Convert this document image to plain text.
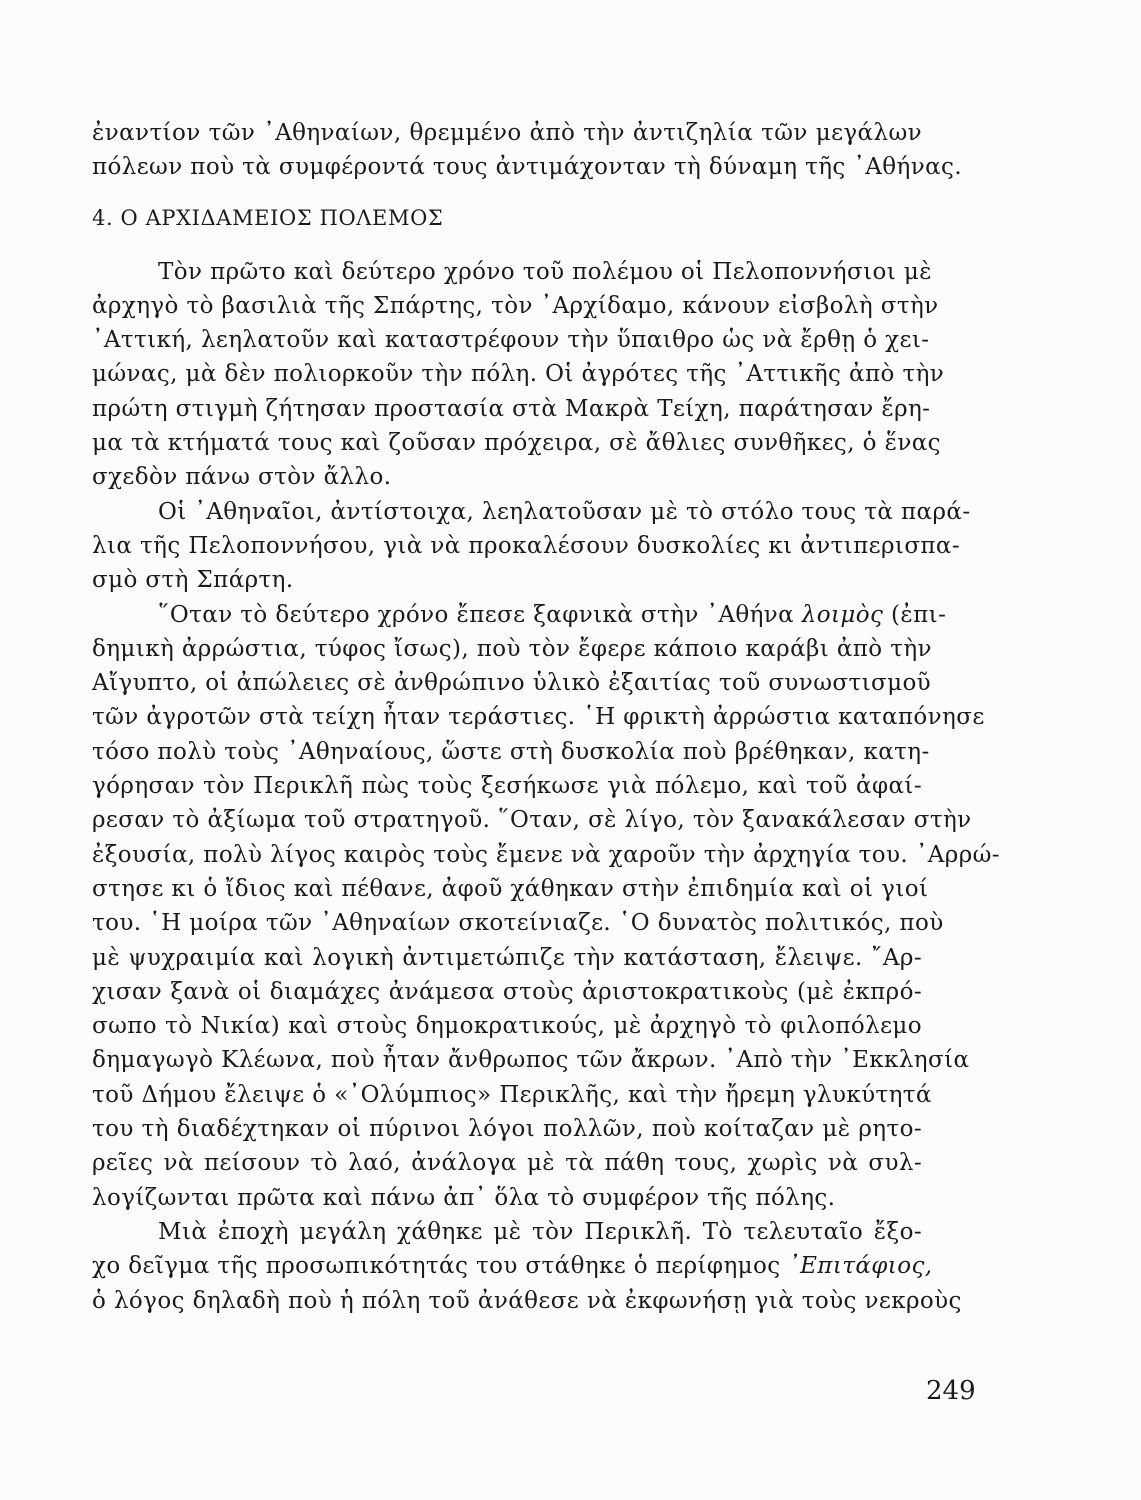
ἐναντίον τῶν ᾿Αθηναίων, θρεμμένο ἀπὸ τὴν ἀντιζηλία τῶν μεγάλων
πόλεων ποὺ τὰ συμφέροντά τους ἀντιμάχονταν τὴ δύναμη τῆς ᾿Αθήνας.
4. Ο ΑΡΧΙΔΑΜΕΙΟΣ ΠΟΛΕΜΟΣ
Τὸν πρῶτο καὶ δεύτερο χρόνο τοῦ πολέμου οἱ Πελοποννήσιοι μὲ
ἀρχηγὸ τὸ βασιλιὰ τῆς Σπάρτης, τὸν ᾿Αρχίδαμο, κάνουν εἰσβολὴ στὴν
᾿Αττική, λεηλατοῦν καὶ καταστρέφουν τὴν ὕπαιθρο ὡς νὰ ἔρθῃ ὁ χει-
μώνας, μὰ δὲν πολιορκοῦν τὴν πόλη. Οἱ ἀγρότες τῆς ᾿Αττικῆς ἀπὸ τὴν
πρώτη στιγμὴ ζήτησαν προστασία στὰ Μακρὰ Τείχη, παράτησαν ἔρη-
μα τὰ κτήματά τους καὶ ζοῦσαν πρόχειρα, σὲ ἄθλιες συνθῆκες, ὁ ἕνας
σχεδὸν πάνω στὸν ἄλλο.
Οἱ ᾿Αθηναῖοι, ἀντίστοιχα, λεηλατοῦσαν μὲ τὸ στόλο τους τὰ παρά-
λια τῆς Πελοποννήσου, γιὰ νὰ προκαλέσουν δυσκολίες κι ἀντιπερισπα-
σμὸ στὴ Σπάρτη.
῞Οταν τὸ δεύτερο χρόνο ἔπεσε ξαφνικὰ στὴν ᾿Αθήνα λοιμὸς (ἐπι-
δημικὴ ἀρρώστια, τύφος ἴσως), ποὺ τὸν ἔφερε κάποιο καράβι ἀπὸ τὴν
Αἴγυπτο, οἱ ἀπώλειες σὲ ἀνθρώπινο ὑλικὸ ἐξαιτίας τοῦ συνωστισμοῦ
τῶν ἀγροτῶν στὰ τείχη ἦταν τεράστιες. ῾Η φρικτὴ ἀρρώστια καταπόνησε
τόσο πολὺ τοὺς ᾿Αθηναίους, ὥστε στὴ δυσκολία ποὺ βρέθηκαν, κατη-
γόρησαν τὸν Περικλῆ πὼς τοὺς ξεσήκωσε γιὰ πόλεμο, καὶ τοῦ ἀφαί-
ρεσαν τὸ ἀξίωμα τοῦ στρατηγοῦ. ῞Οταν, σὲ λίγο, τὸν ξανακάλεσαν στὴν
ἐξουσία, πολὺ λίγος καιρὸς τοὺς ἔμενε νὰ χαροῦν τὴν ἀρχηγία του. ᾿Αρρώ-
στησε κι ὁ ἴδιος καὶ πέθανε, ἀφοῦ χάθηκαν στὴν ἐπιδημία καὶ οἱ γιοί
του. ῾Η μοίρα τῶν ᾿Αθηναίων σκοτείνιαζε. ῾Ο δυνατὸς πολιτικός, ποὺ
μὲ ψυχραιμία καὶ λογικὴ ἀντιμετώπιζε τὴν κατάσταση, ἔλειψε. ῎Αρ-
χισαν ξανὰ οἱ διαμάχες ἀνάμεσα στοὺς ἀριστοκρατικοὺς (μὲ ἐκπρό-
σωπο τὸ Νικία) καὶ στοὺς δημοκρατικούς, μὲ ἀρχηγὸ τὸ φιλοπόλεμο
δημαγωγὸ Κλέωνα, ποὺ ἦταν ἄνθρωπος τῶν ἄκρων. ᾿Απὸ τὴν ᾿Εκκλησία
τοῦ Δήμου ἔλειψε ὁ «᾿Ολύμπιος» Περικλῆς, καὶ τὴν ἤρεμη γλυκύτητά
του τὴ διαδέχτηκαν οἱ πύρινοι λόγοι πολλῶν, ποὺ κοίταζαν μὲ ρητο-
ρεῖες νὰ πείσουν τὸ λαό, ἀνάλογα μὲ τὰ πάθη τους, χωρὶς νὰ συλ-
λογίζωνται πρῶτα καὶ πάνω ἀπ᾿ ὅλα τὸ συμφέρον τῆς πόλης.
Μιὰ ἐποχὴ μεγάλη χάθηκε μὲ τὸν Περικλῆ. Τὸ τελευταῖο ἔξο-
χο δεῖγμα τῆς προσωπικότητάς του στάθηκε ὁ περίφημος ᾿Επιτάφιος,
ὁ λόγος δηλαδὴ ποὺ ἡ πόλη τοῦ ἀνάθεσε νὰ ἐκφωνήσῃ γιὰ τοὺς νεκροὺς
249
